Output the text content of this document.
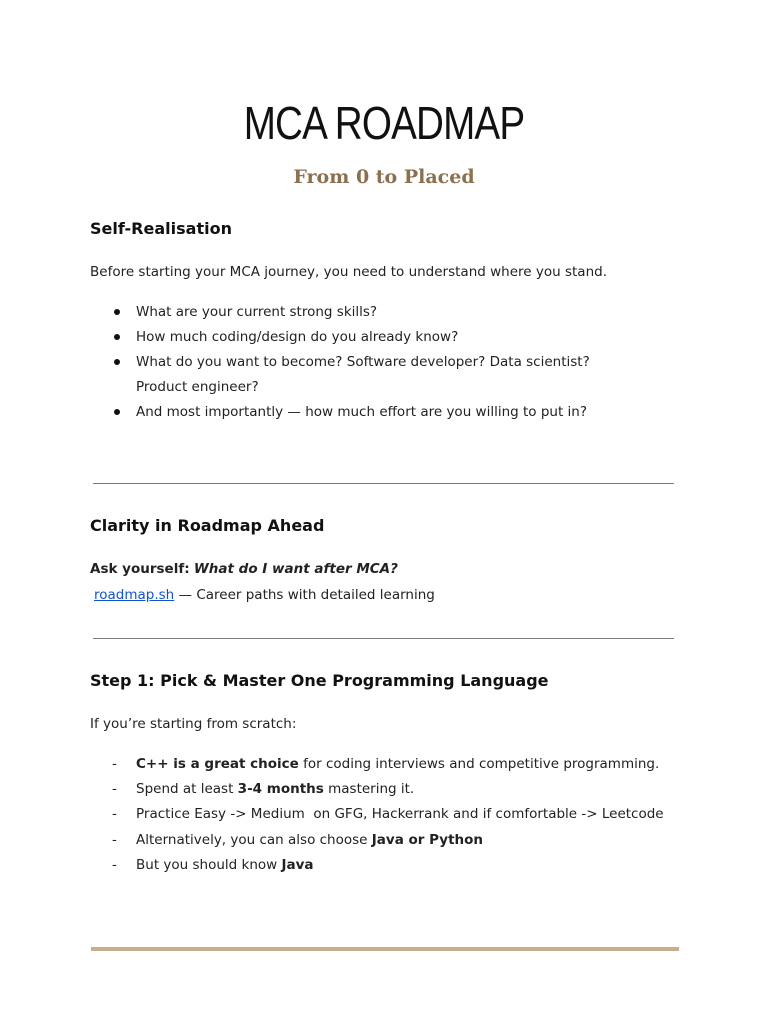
MCA ROADMAP
From 0 to Placed
Self-Realisation
Before starting your MCA journey, you need to understand where you stand.
What are your current strong skills?
How much coding/design do you already know?
What do you want to become? Software developer? Data scientist? Product engineer?
And most importantly — how much effort are you willing to put in?
Clarity in Roadmap Ahead
Ask yourself: What do I want after MCA?
roadmap.sh — Career paths with detailed learning
Step 1: Pick & Master One Programming Language
If you’re starting from scratch:
-	C++ is a great choice for coding interviews and competitive programming.
-	Spend at least 3-4 months mastering it.
-	Practice Easy -> Medium  on GFG, Hackerrank and if comfortable -> Leetcode
-	Alternatively, you can also choose Java or Python
-	But you should know Java
